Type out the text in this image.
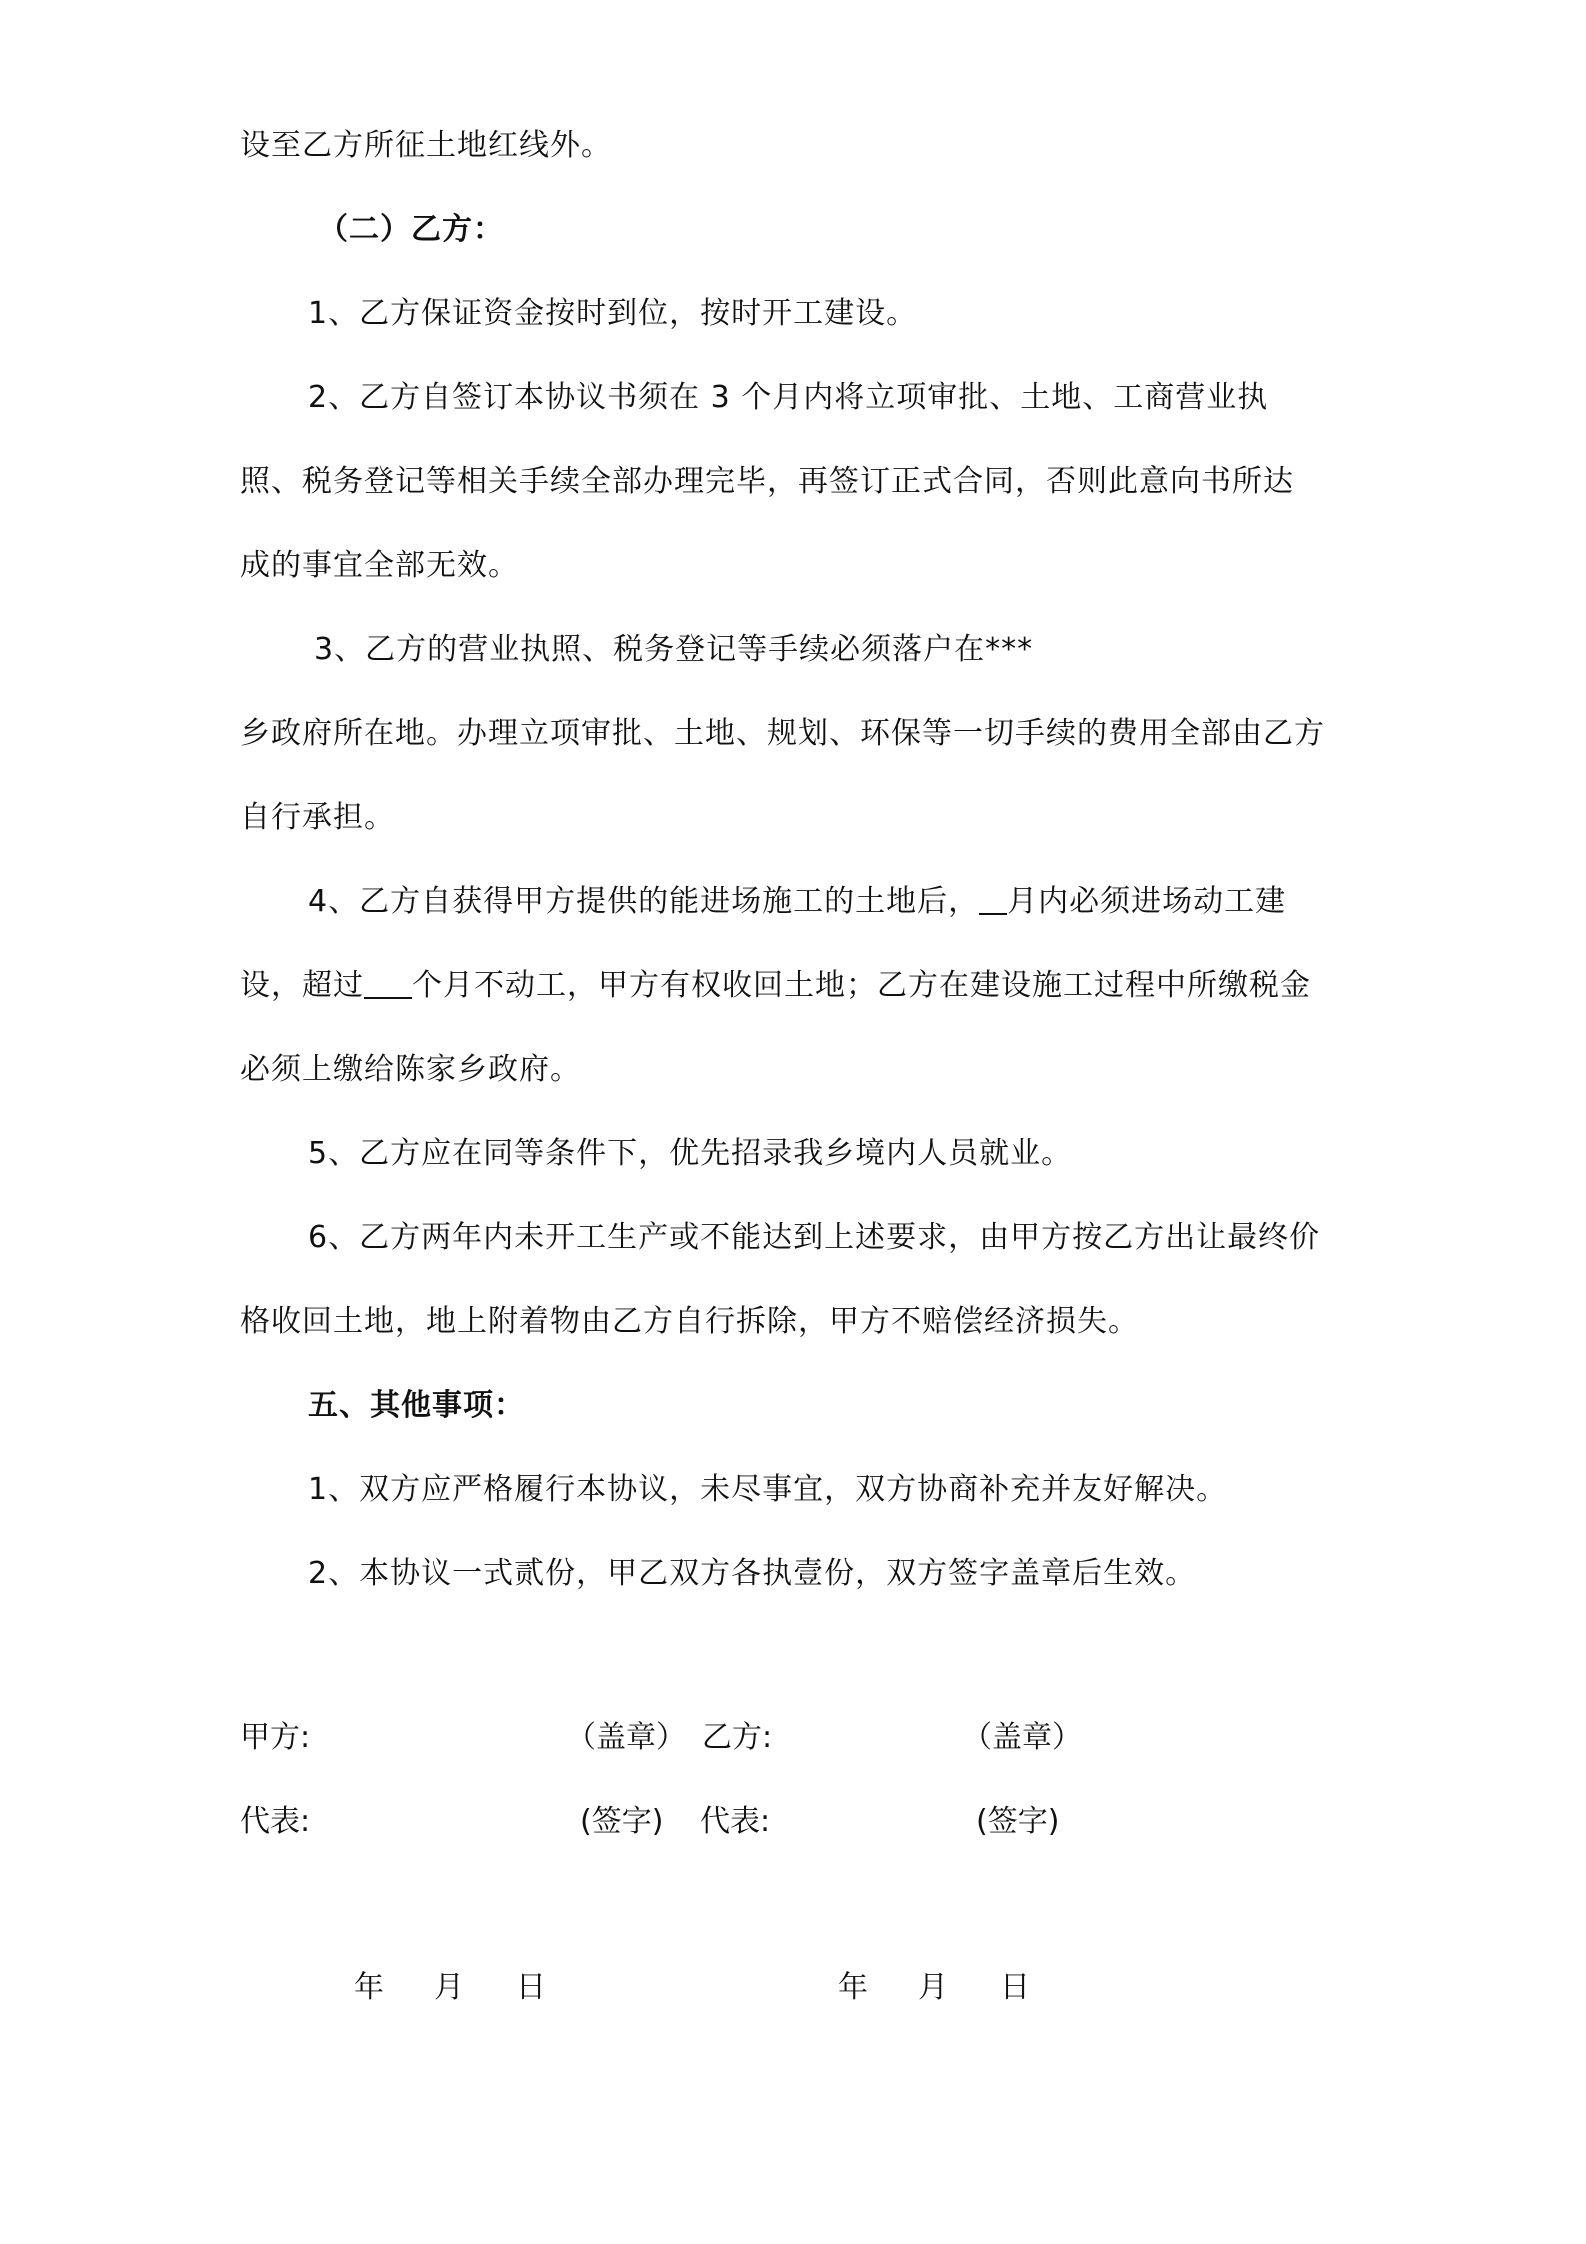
设至乙方所征土地红线外。
（二）乙方：
1、乙方保证资金按时到位，按时开工建设。
2、乙方自签订本协议书须在 3 个月内将立项审批、土地、工商营业执
照、税务登记等相关手续全部办理完毕，再签订正式合同，否则此意向书所达
成的事宜全部无效。
3、乙方的营业执照、税务登记等手续必须落户在***
乡政府所在地。办理立项审批、土地、规划、环保等一切手续的费用全部由乙方
自行承担。
4、乙方自获得甲方提供的能进场施工的土地后， 月内必须进场动工建
设，超过 个月不动工，甲方有权收回土地；乙方在建设施工过程中所缴税金
必须上缴给陈家乡政府。
5、乙方应在同等条件下，优先招录我乡境内人员就业。
6、乙方两年内未开工生产或不能达到上述要求，由甲方按乙方出让最终价
格收回土地，地上附着物由乙方自行拆除，甲方不赔偿经济损失。
五、其他事项：
1、双方应严格履行本协议，未尽事宜，双方协商补充并友好解决。
2、本协议一式贰份，甲乙双方各执壹份，双方签字盖章后生效。
甲方:	（盖章） 乙方:	（盖章）
代表:	(签字) 代表:	(签字)
年 月 日	年 月 日
